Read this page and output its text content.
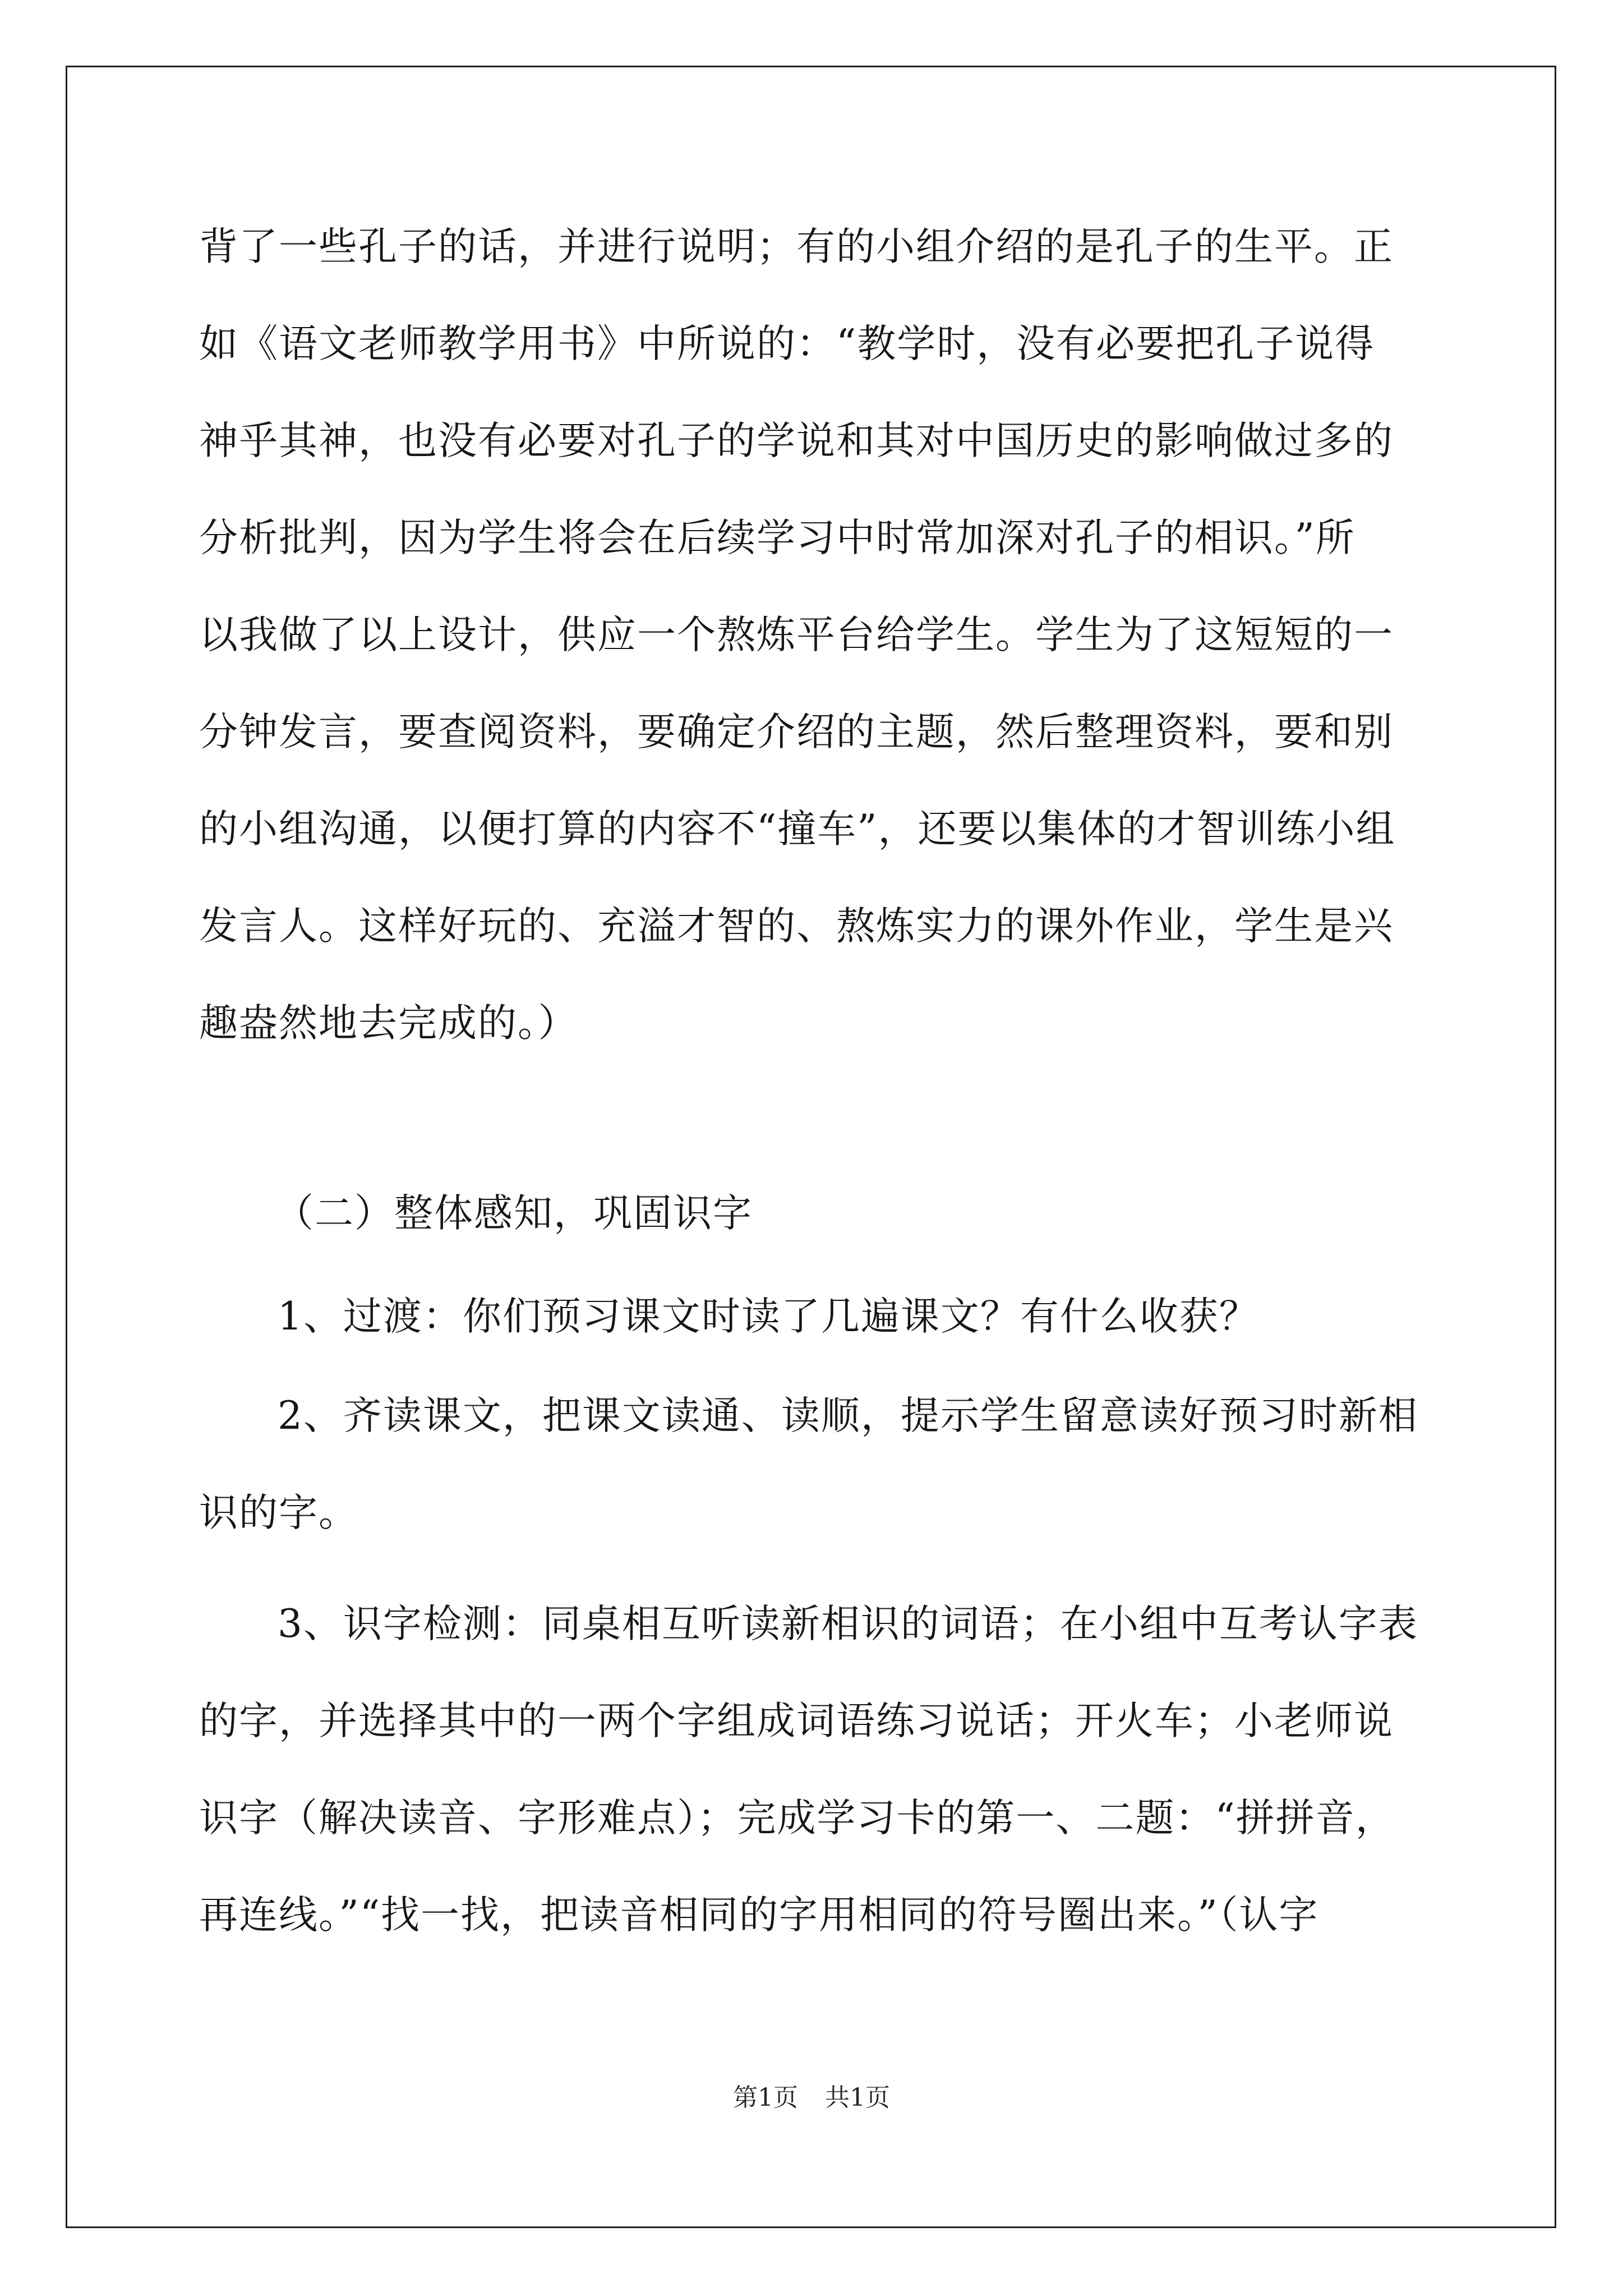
背了一些孔子的话，并进行说明；有的小组介绍的是孔子的生平。正
如《语文老师教学用书》中所说的：“教学时，没有必要把孔子说得
神乎其神，也没有必要对孔子的学说和其对中国历史的影响做过多的
分析批判，因为学生将会在后续学习中时常加深对孔子的相识。”所
以我做了以上设计，供应一个熬炼平台给学生。学生为了这短短的一
分钟发言，要查阅资料，要确定介绍的主题，然后整理资料，要和别
的小组沟通，以便打算的内容不“撞车”，还要以集体的才智训练小组
发言人。这样好玩的、充溢才智的、熬炼实力的课外作业，学生是兴
趣盎然地去完成的。）
（二）整体感知，巩固识字
1、过渡：你们预习课文时读了几遍课文？有什么收获？
2、齐读课文，把课文读通、读顺，提示学生留意读好预习时新相
识的字。
3、识字检测：同桌相互听读新相识的词语；在小组中互考认字表
的字，并选择其中的一两个字组成词语练习说话；开火车；小老师说
识字（解决读音、字形难点）；完成学习卡的第一、二题：“拼拼音，
再连线。”“找一找，把读音相同的字用相同的符号圈出来。”（认字
第1页 共1页
